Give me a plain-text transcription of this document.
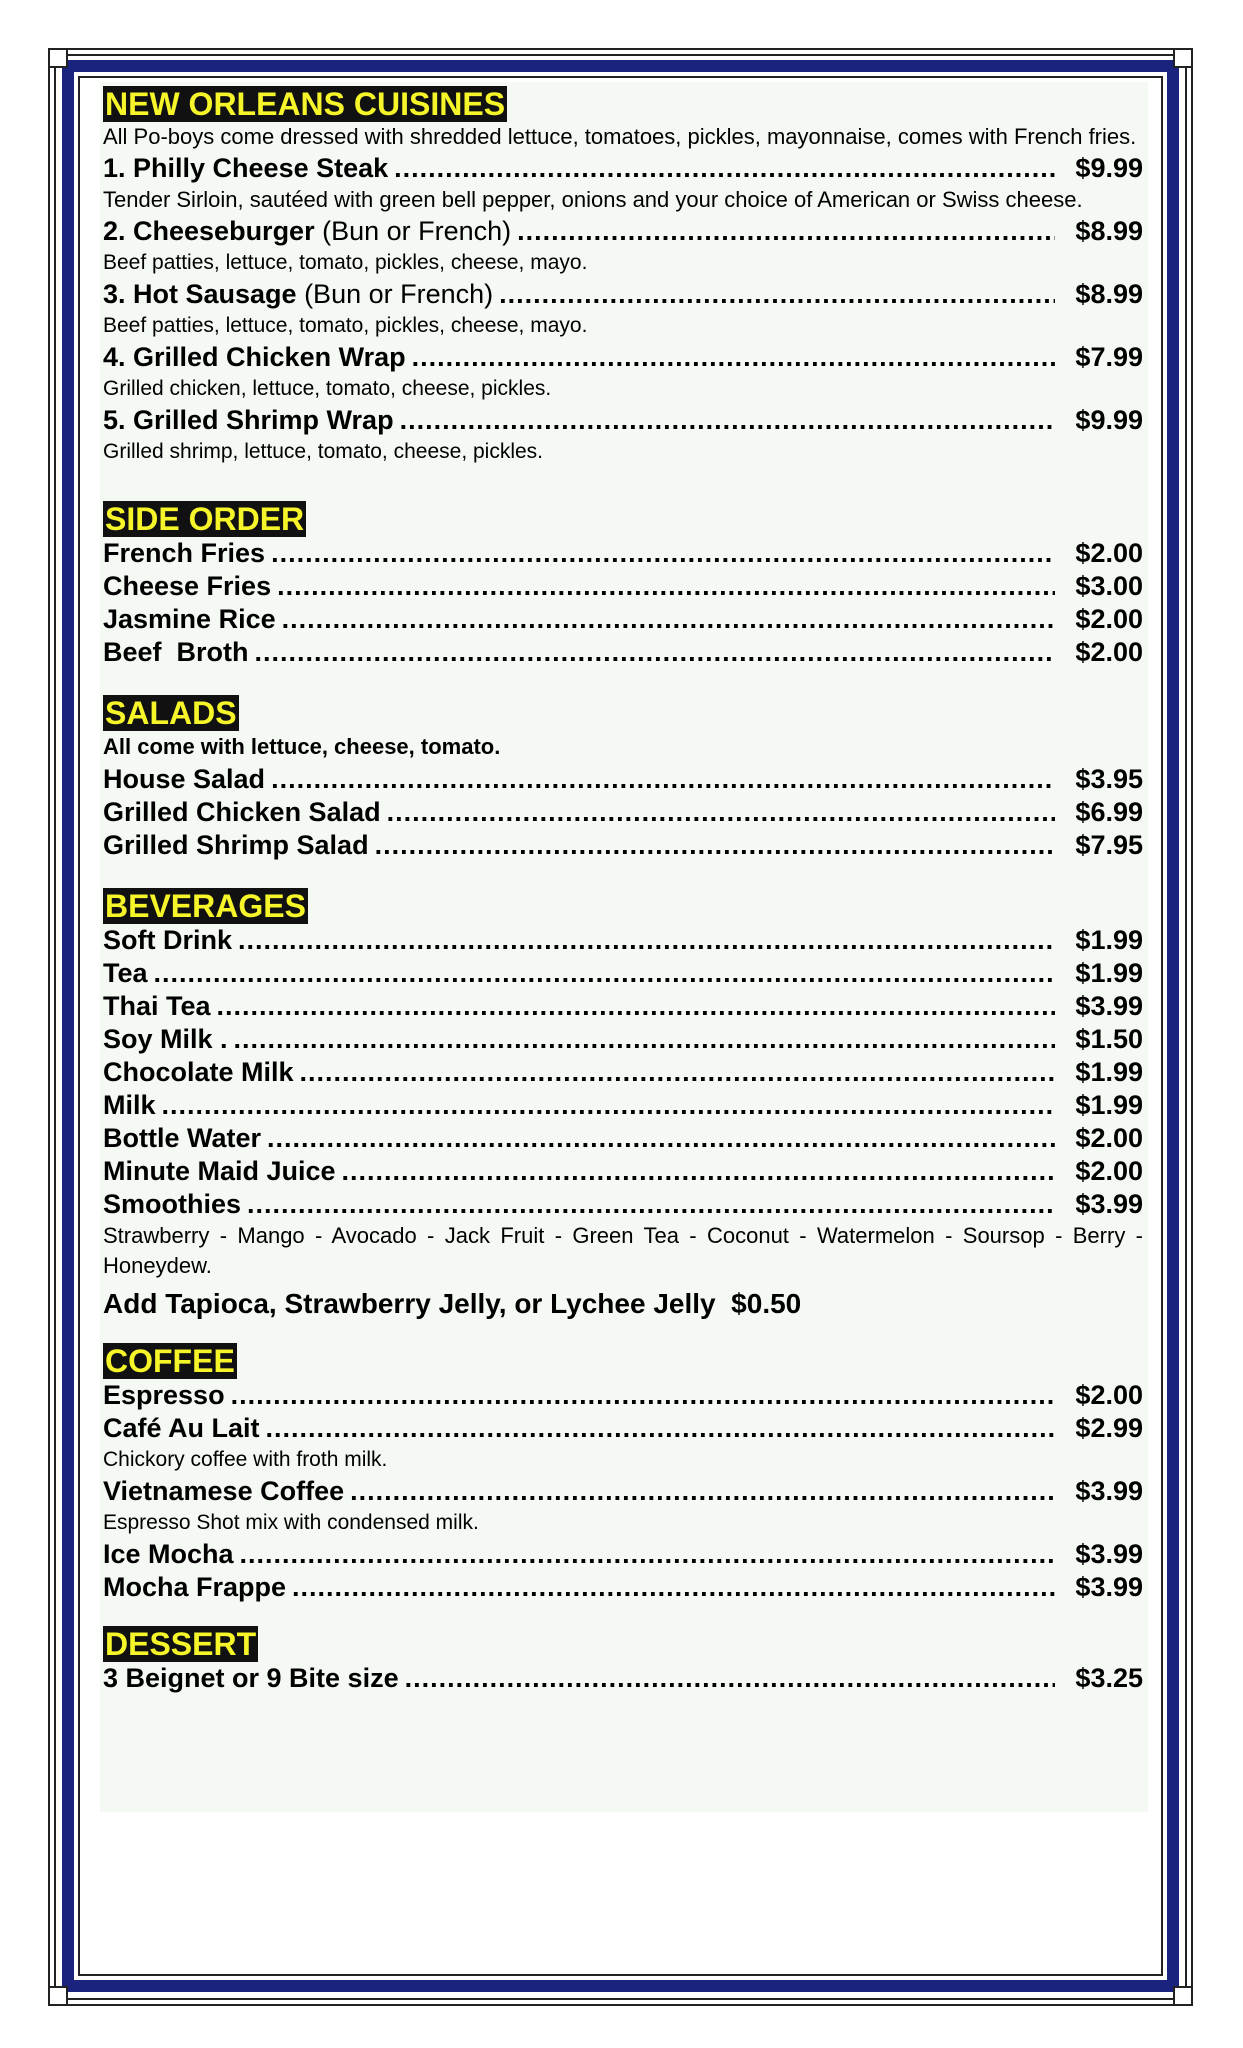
NEW ORLEANS CUISINES
All Po-boys come dressed with shredded lettuce, tomatoes, pickles, mayonnaise, comes with French fries.
1. Philly Cheese Steak .....	$9.99
Tender Sirloin, sautéed with green bell pepper, onions and your choice of American or Swiss cheese.
2. Cheeseburger (Bun or French) .....	$8.99
Beef patties, lettuce, tomato, pickles, cheese, mayo.
3. Hot Sausage (Bun or French) .....	$8.99
Beef patties, lettuce, tomato, pickles, cheese, mayo.
4. Grilled Chicken Wrap .....	$7.99
Grilled chicken, lettuce, tomato, cheese, pickles.
5. Grilled Shrimp Wrap .....	$9.99
Grilled shrimp, lettuce, tomato, cheese, pickles.
SIDE ORDER
French Fries .....	$2.00
Cheese Fries .....	$3.00
Jasmine Rice .....	$2.00
Beef  Broth .....	$2.00
SALADS
All come with lettuce, cheese, tomato.
House Salad .....	$3.95
Grilled Chicken Salad .....	$6.99
Grilled Shrimp Salad .....	$7.95
BEVERAGES
Soft Drink .....	$1.99
Tea .....	$1.99
Thai Tea .....	$3.99
Soy Milk . .....	$1.50
Chocolate Milk .....	$1.99
Milk .....	$1.99
Bottle Water .....	$2.00
Minute Maid Juice .....	$2.00
Smoothies .....	$3.99
Strawberry - Mango - Avocado - Jack Fruit - Green Tea - Coconut - Watermelon - Soursop - Berry - Honeydew.
Add Tapioca, Strawberry Jelly, or Lychee Jelly  $0.50
COFFEE
Espresso .....	$2.00
Café Au Lait .....	$2.99
Chickory coffee with froth milk.
Vietnamese Coffee .....	$3.99
Espresso Shot mix with condensed milk.
Ice Mocha .....	$3.99
Mocha Frappe .....	$3.99
DESSERT
3 Beignet or 9 Bite size .....	$3.25
